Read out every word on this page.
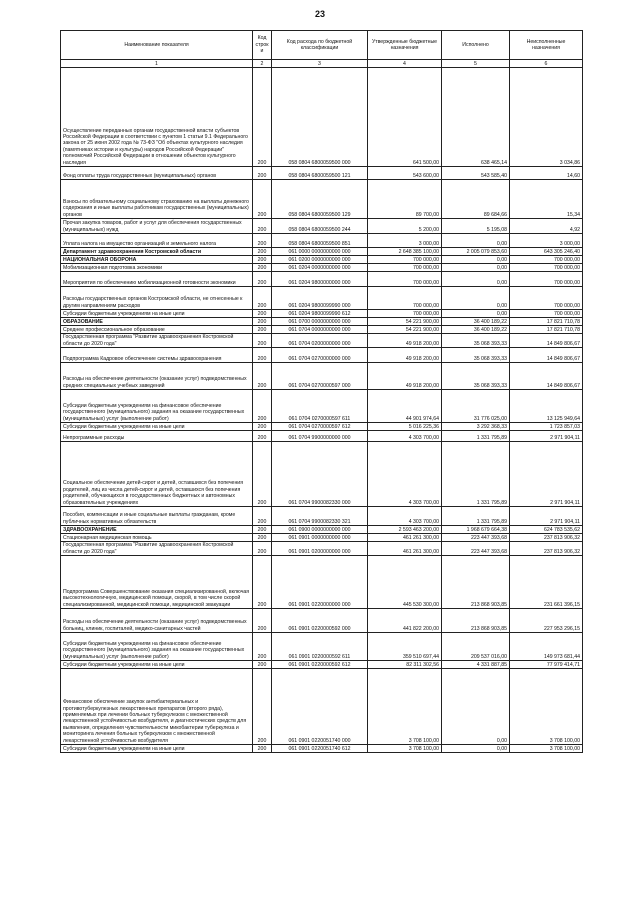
23
Наименование показателя	Код строки	Код расхода по бюджетной классификации	Утвержденные бюджетные назначения	Исполнено	Неисполненные назначения
1	2	3	4	5	6
Осуществление переданных органам государственной власти субъектов Российской Федерации в соответствии с пунктом 1 статьи 9.1 Федерального закона от 25 июня 2002 года № 73-ФЗ "Об объектах культурного наследия (памятниках истории и культуры) народов Российской Федерации" полномочий Российской Федерации в отношении объектов культурного наследия	200	058 0804 6800059500 000	641 500,00	638 465,14	3 034,86
Фонд оплаты труда государственных (муниципальных) органов	200	058 0804 6800059500 121	543 600,00	543 585,40	14,60
Взносы по обязательному социальному страхованию на выплаты денежного содержания и иные выплаты работникам государственных (муниципальных) органов	200	058 0804 6800059500 129	89 700,00	89 684,66	15,34
Прочая закупка товаров, работ и услуг для обеспечения государственных (муниципальных) нужд	200	058 0804 6800059500 244	5 200,00	5 195,08	4,92
Уплата налога на имущество организаций и земельного налога	200	058 0804 6800059500 851	3 000,00	0,00	3 000,00
Департамент здравоохранения Костромской области	200	061 0000 0000000000 000	2 648 385 100,00	2 005 079 853,60	643 305 246,40
НАЦИОНАЛЬНАЯ ОБОРОНА	200	061 0200 0000000000 000	700 000,00	0,00	700 000,00
Мобилизационная подготовка экономики	200	061 0204 0000000000 000	700 000,00	0,00	700 000,00
Мероприятия по обеспечению мобилизационной готовности экономики	200	061 0204 9800000000 000	700 000,00	0,00	700 000,00
Расходы государственных органов Костромской области, не отнесенные к другим направлениям расходов	200	061 0204 9800099990 000	700 000,00	0,00	700 000,00
Субсидии бюджетным учреждениям на иные цели	200	061 0204 9800099990 612	700 000,00	0,00	700 000,00
ОБРАЗОВАНИЕ	200	061 0700 0000000000 000	54 221 900,00	36 400 189,22	17 821 710,78
Среднее профессиональное образование	200	061 0704 0000000000 000	54 221 900,00	36 400 189,22	17 821 710,78
Государственная программа "Развитие здравоохранения Костромской области до 2020 года"	200	061 0704 0200000000 000	49 918 200,00	35 068 393,33	14 849 806,67
Подпрограмма Кадровое обеспечение системы здравоохранения	200	061 0704 0270000000 000	49 918 200,00	35 068 393,33	14 849 806,67
Расходы на обеспечение деятельности (оказание услуг) подведомственных средних специальных учебных заведений	200	061 0704 0270000597 000	49 918 200,00	35 068 393,33	14 849 806,67
Субсидии бюджетным учреждениям на финансовое обеспечение государственного (муниципального) задания на оказание государственных (муниципальных) услуг (выполнение работ)	200	061 0704 0270000597 611	44 901 974,64	31 776 025,00	13 125 949,64
Субсидии бюджетным учреждениям на иные цели	200	061 0704 0270000597 612	5 016 225,36	3 292 368,33	1 723 857,03
Непрограммные расходы	200	061 0704 9900000000 000	4 303 700,00	1 331 795,89	2 971 904,11
Социальное обеспечение детей-сирот и детей, оставшихся без попечения родителей, лиц из числа детей-сирот и детей, оставшихся без попечения родителей, обучающихся в государственных бюджетных и автономных образовательных учреждениях	200	061 0704 9900082330 000	4 303 700,00	1 331 795,89	2 971 904,11
Пособия, компенсации и иные социальные выплаты гражданам, кроме публичных нормативных обязательств	200	061 0704 9900082330 321	4 303 700,00	1 331 795,89	2 971 904,11
ЗДРАВООХРАНЕНИЕ	200	061 0900 0000000000 000	2 593 463 200,00	1 968 679 664,38	624 783 535,62
Стационарная медицинская помощь	200	061 0901 0000000000 000	461 261 300,00	223 447 393,68	237 813 906,32
Государственная программа "Развитие здравоохранения Костромской области до 2020 года"	200	061 0901 0200000000 000	461 261 300,00	223 447 393,68	237 813 906,32
Подпрограмма Совершенствование оказания специализированной, включая высокотехнологичную, медицинской помощи, скорой, в том числе скорой специализированной, медицинской помощи, медицинской эвакуации	200	061 0901 0220000000 000	445 530 300,00	213 868 903,85	231 661 396,15
Расходы на обеспечение деятельности (оказание услуг) подведомственных больниц, клиник, госпиталей, медико-санитарных частей	200	061 0901 0220000592 000	441 822 200,00	213 868 903,85	227 953 296,15
Субсидии бюджетным учреждениям на финансовое обеспечение государственного (муниципального) задания на оказание государственных (муниципальных) услуг (выполнение работ)	200	061 0901 0220000592 611	359 510 697,44	209 537 016,00	149 973 681,44
Субсидии бюджетным учреждениям на иные цели	200	061 0901 0220000592 612	82 311 302,56	4 331 887,85	77 979 414,71
Финансовое обеспечение закупок антибактериальных и противотуберкулезных лекарственных препаратов (второго ряда), применяемых при лечении больных туберкулезом с множественной лекарственной устойчивостью возбудителя, и диагностических средств для выявления, определения чувствительности микобактерии туберкулеза и мониторинга лечения больных туберкулезом с множественной лекарственной устойчивостью возбудителя	200	061 0901 0220051740 000	3 708 100,00	0,00	3 708 100,00
Субсидии бюджетным учреждениям на иные цели	200	061 0901 0220051740 612	3 708 100,00	0,00	3 708 100,00
